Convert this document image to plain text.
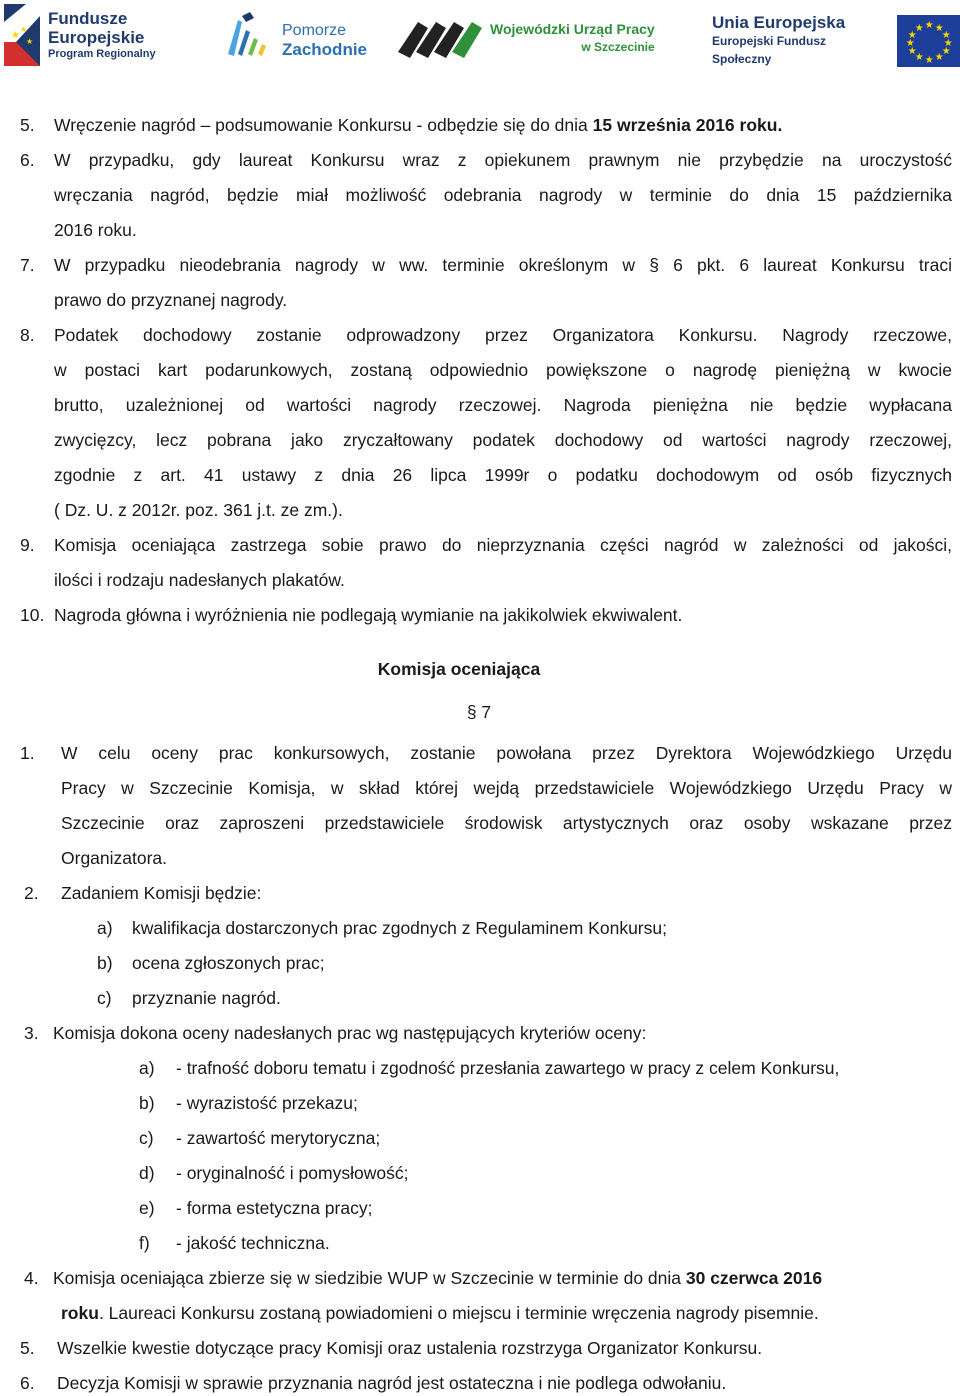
★
★
★
Fundusze
Europejskie
Program Regionalny
Pomorze
Zachodnie
Wojewódzki Urząd Pracy
w Szczecinie
Unia Europejska
Europejski Fundusz Społeczny
★ ★
★
★
★
★
★
★
★
★
★
★
5. Wręczenie nagród – podsumowanie Konkursu - odbędzie się do dnia 15 września 2016 roku.
6. W przypadku, gdy laureat Konkursu wraz z opiekunem prawnym nie przybędzie na uroczystość
wręczania nagród, będzie miał możliwość odebrania nagrody w terminie do dnia 15 października
2016 roku.
7. W przypadku nieodebrania nagrody w ww. terminie określonym w § 6 pkt. 6 laureat Konkursu traci
prawo do przyznanej nagrody.
8. Podatek dochodowy zostanie odprowadzony przez Organizatora Konkursu. Nagrody rzeczowe,
w postaci kart podarunkowych, zostaną odpowiednio powiększone o nagrodę pieniężną w kwocie
brutto, uzależnionej od wartości nagrody rzeczowej. Nagroda pieniężna nie będzie wypłacana
zwycięzcy, lecz pobrana jako zryczałtowany podatek dochodowy od wartości nagrody rzeczowej,
zgodnie z art. 41 ustawy z dnia 26 lipca 1999r o podatku dochodowym od osób fizycznych
( Dz. U. z 2012r. poz. 361 j.t. ze zm.).
9. Komisja oceniająca zastrzega sobie prawo do nieprzyznania części nagród w zależności od jakości,
ilości i rodzaju nadesłanych plakatów.
10. Nagroda główna i wyróżnienia nie podlegają wymianie na jakikolwiek ekwiwalent.
Komisja oceniająca
§ 7
1. W celu oceny prac konkursowych, zostanie powołana przez Dyrektora Wojewódzkiego Urzędu
Pracy w Szczecinie Komisja, w skład której wejdą przedstawiciele Wojewódzkiego Urzędu Pracy w
Szczecinie oraz zaproszeni przedstawiciele środowisk artystycznych oraz osoby wskazane przez
Organizatora.
2. Zadaniem Komisji będzie:
a) kwalifikacja dostarczonych prac zgodnych z Regulaminem Konkursu;
b) ocena zgłoszonych prac;
c) przyznanie nagród.
3. Komisja dokona oceny nadesłanych prac wg następujących kryteriów oceny:
a) - trafność doboru tematu i zgodność przesłania zawartego w pracy z celem Konkursu,
b) - wyrazistość przekazu;
c) - zawartość merytoryczna;
d) - oryginalność i pomysłowość;
e) - forma estetyczna pracy;
f) - jakość techniczna.
4. Komisja oceniająca zbierze się w siedzibie WUP w Szczecinie w terminie do dnia 30 czerwca 2016
roku. Laureaci Konkursu zostaną powiadomieni o miejscu i terminie wręczenia nagrody pisemnie.
5. Wszelkie kwestie dotyczące pracy Komisji oraz ustalenia rozstrzyga Organizator Konkursu.
6. Decyzja Komisji w sprawie przyznania nagród jest ostateczna i nie podlega odwołaniu.
